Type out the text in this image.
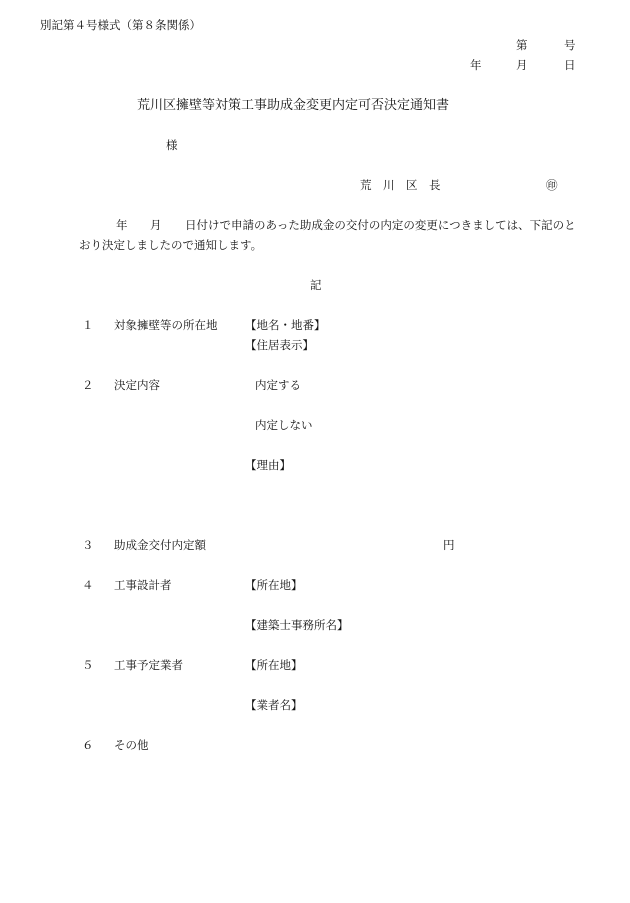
別記第４号様式（第８条関係）
第	号
年	月	日
荒川区擁壁等対策工事助成金変更内定可否決定通知書
様
荒　川　区　長	㊞
年 月 日付けで申請のあった助成金の交付の内定の変更につきましては、下記のと
おり決定しましたので通知します。
記
１ 対象擁壁等の所在地 【地名・地番】
【住居表示】
２ 決定内容	内定する
内定しない
【理由】
３ 助成金交付内定額	円
４ 工事設計者	【所在地】
【建築士事務所名】
５ 工事予定業者	【所在地】
【業者名】
６ その他
